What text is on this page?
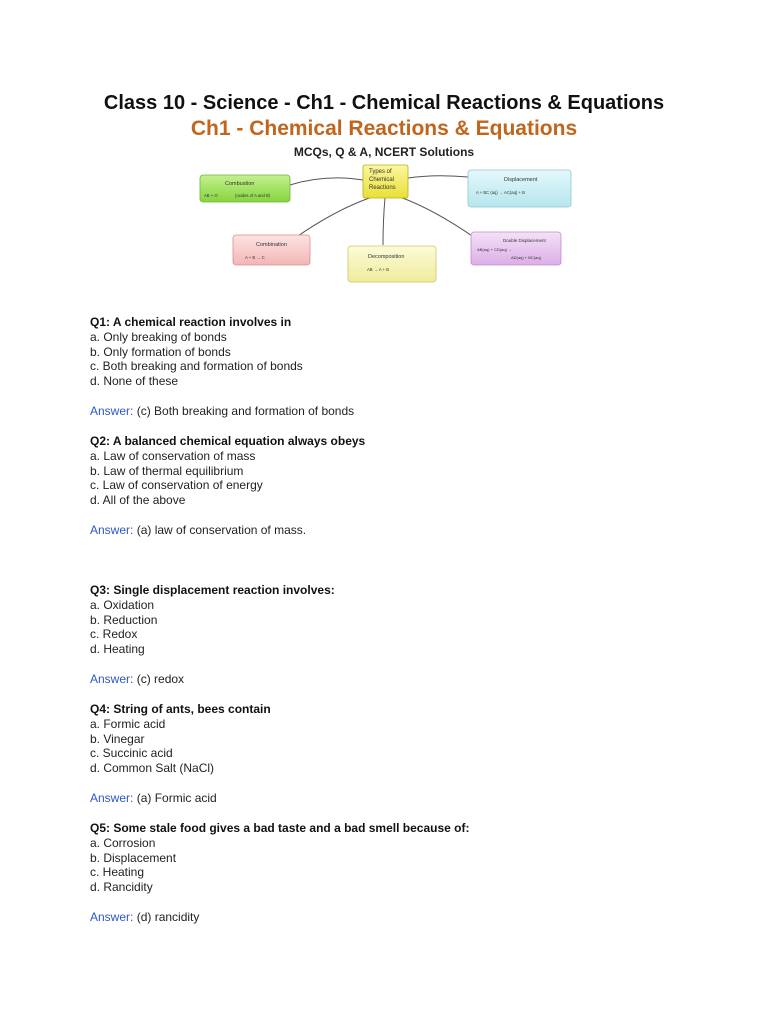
Class 10 - Science - Ch1 - Chemical Reactions & Equations
Ch1 - Chemical Reactions & Equations
MCQs, Q & A, NCERT Solutions
Types of
Chemical
Reactions
Combustion
AB + O	(oxides of A and B)
Displacement
A + BC (aq) → AC(aq) + B
Combination
A + B → C	Decomposition
AB → A + B
Double Displacement
AB(aq) + CD(aq) →
AD(aq) + BC(aq)
Q1: A chemical reaction involves in
a. Only breaking of bonds
b. Only formation of bonds
c. Both breaking and formation of bonds
d. None of these
Answer: (c) Both breaking and formation of bonds
Q2: A balanced chemical equation always obeys
a. Law of conservation of mass
b. Law of thermal equilibrium
c. Law of conservation of energy
d. All of the above
Answer: (a) law of conservation of mass.
Q3: Single displacement reaction involves:
a. Oxidation
b. Reduction
c. Redox
d. Heating
Answer: (c) redox
Q4: String of ants, bees contain
a. Formic acid
b. Vinegar
c. Succinic acid
d. Common Salt (NaCl)
Answer: (a) Formic acid
Q5: Some stale food gives a bad taste and a bad smell because of:
a. Corrosion
b. Displacement
c. Heating
d. Rancidity
Answer: (d) rancidity
